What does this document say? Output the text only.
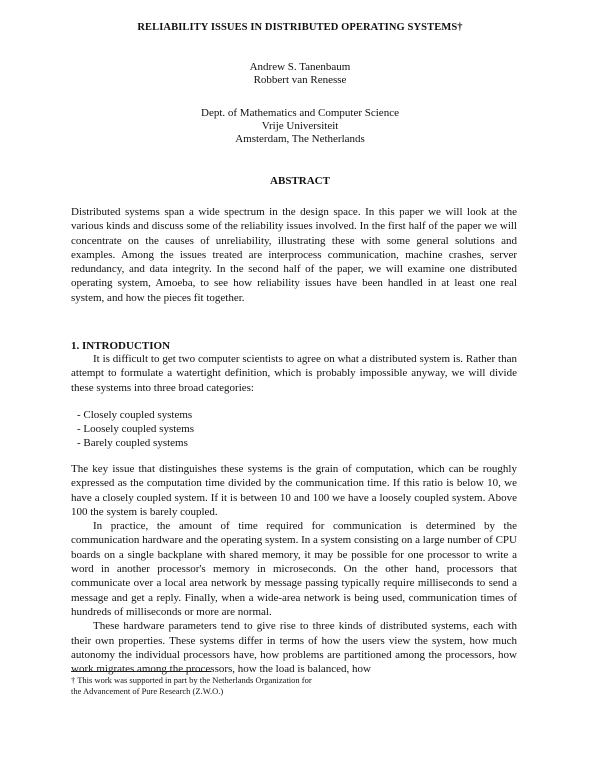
RELIABILITY ISSUES IN DISTRIBUTED OPERATING SYSTEMS†
Andrew S. Tanenbaum
Robbert van Renesse
Dept. of Mathematics and Computer Science
Vrije Universiteit
Amsterdam, The Netherlands
ABSTRACT

Distributed systems span a wide spectrum in the design space. In this paper we will look at the various kinds and discuss some of the reliability issues involved. In the first half of the paper we will concentrate on the causes of unreliability, illustrating these with some general solutions and examples. Among the issues treated are interprocess communication, machine crashes, server redundancy, and data integrity. In the second half of the paper, we will examine one distributed operating system, Amoeba, to see how reliability issues have been handled in at least one real system, and how the pieces fit together.

1. INTRODUCTION

It is difficult to get two computer scientists to agree on what a distributed system is. Rather than attempt to formulate a watertight definition, which is probably impossible anyway, we will divide these systems into three broad categories:

- Closely coupled systems
- Loosely coupled systems
- Barely coupled systems

The key issue that distinguishes these systems is the grain of computation, which can be roughly expressed as the computation time divided by the communication time. If this ratio is below 10, we have a closely coupled system. If it is between 10 and 100 we have a loosely coupled system. Above 100 the system is barely coupled.

In practice, the amount of time required for communication is determined by the communication hardware and the operating system. In a system consisting on a large number of CPU boards on a single backplane with shared memory, it may be possible for one processor to write a word in another processor's memory in microseconds. On the other hand, processors that communicate over a local area network by message passing typically require milliseconds to send a message and get a reply. Finally, when a wide-area network is being used, communication times of hundreds of milliseconds or more are normal.

These hardware parameters tend to give rise to three kinds of distributed systems, each with their own properties. These systems differ in terms of how the users view the system, how much autonomy the individual processors have, how problems are partitioned among the processors, how work migrates among the processors, how the load is balanced, how

† This work was supported in part by the Netherlands Organization for
the Advancement of Pure Research (Z.W.O.)
